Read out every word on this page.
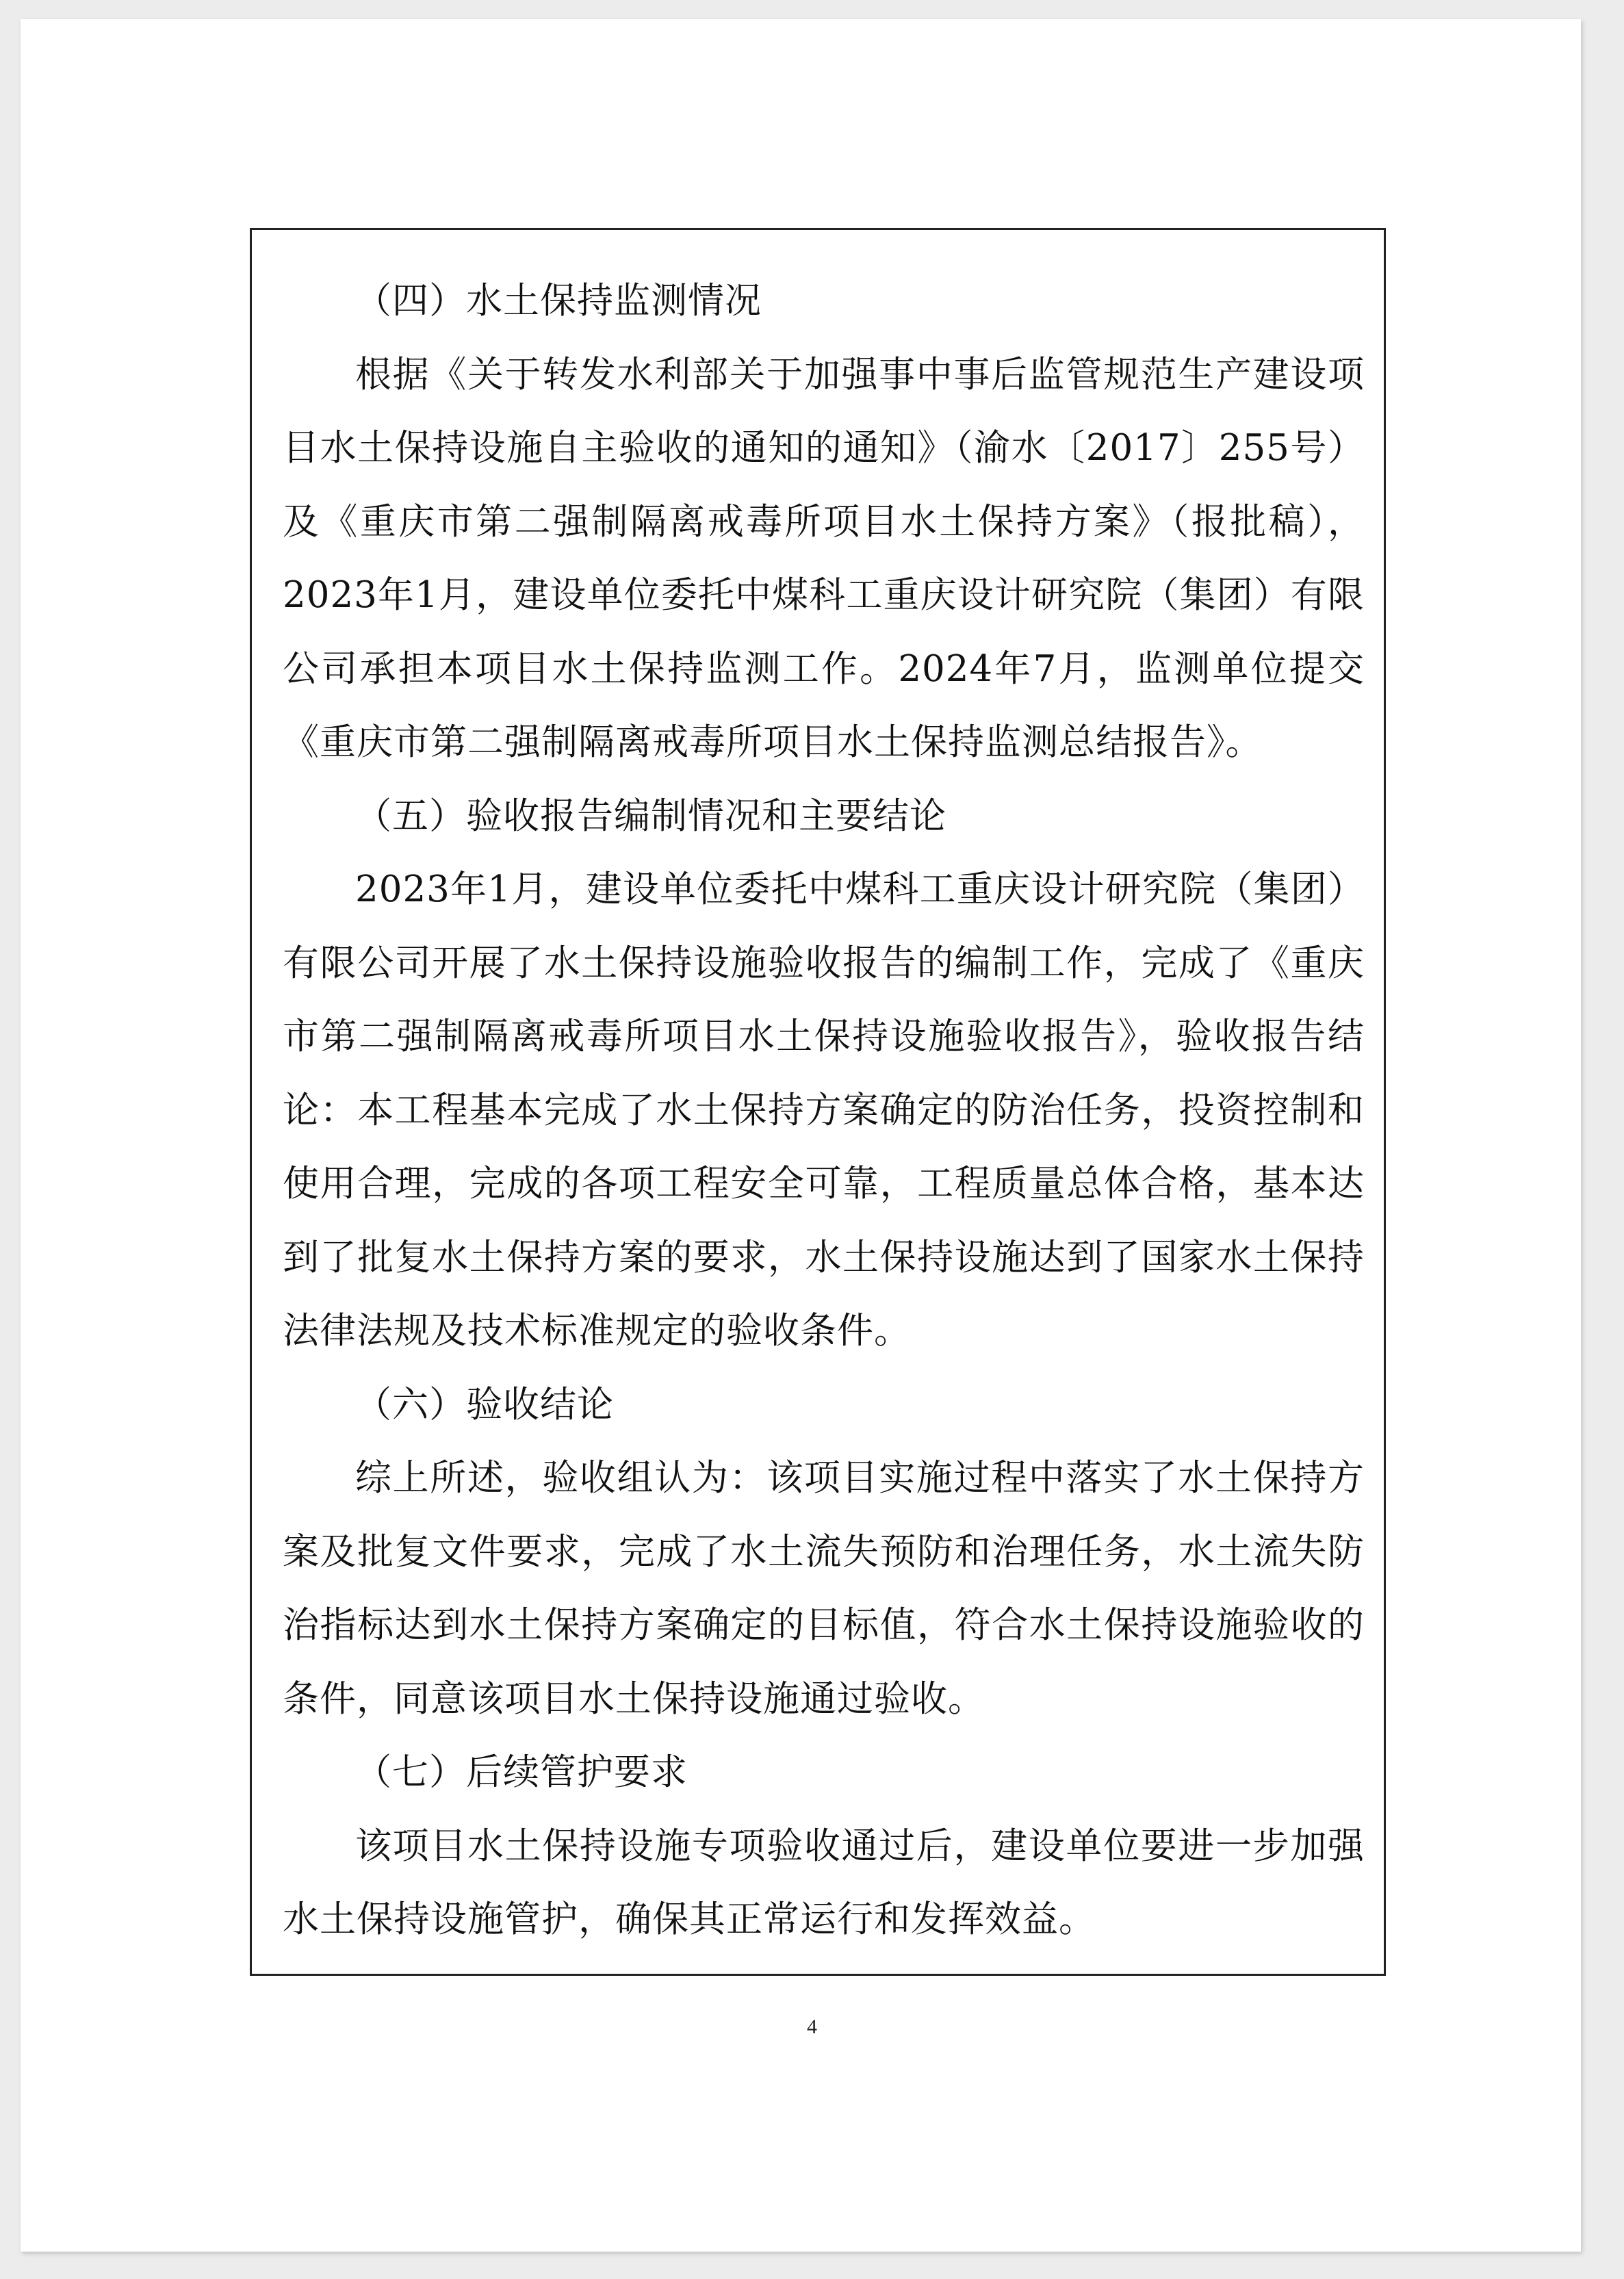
（四）水土保持监测情况

根据《关于转发水利部关于加强事中事后监管规范生产建设项目水土保持设施自主验收的通知的通知》（渝水〔2017〕255号）及《重庆市第二强制隔离戒毒所项目水土保持方案》（报批稿），2023年1月，建设单位委托中煤科工重庆设计研究院（集团）有限公司承担本项目水土保持监测工作。2024年7月，监测单位提交《重庆市第二强制隔离戒毒所项目水土保持监测总结报告》。

（五）验收报告编制情况和主要结论

2023年1月，建设单位委托中煤科工重庆设计研究院（集团）有限公司开展了水土保持设施验收报告的编制工作，完成了《重庆市第二强制隔离戒毒所项目水土保持设施验收报告》，验收报告结论：本工程基本完成了水土保持方案确定的防治任务，投资控制和使用合理，完成的各项工程安全可靠，工程质量总体合格，基本达到了批复水土保持方案的要求，水土保持设施达到了国家水土保持法律法规及技术标准规定的验收条件。

（六）验收结论

综上所述，验收组认为：该项目实施过程中落实了水土保持方案及批复文件要求，完成了水土流失预防和治理任务，水土流失防治指标达到水土保持方案确定的目标值，符合水土保持设施验收的条件，同意该项目水土保持设施通过验收。

（七）后续管护要求

该项目水土保持设施专项验收通过后，建设单位要进一步加强水土保持设施管护，确保其正常运行和发挥效益。

4
